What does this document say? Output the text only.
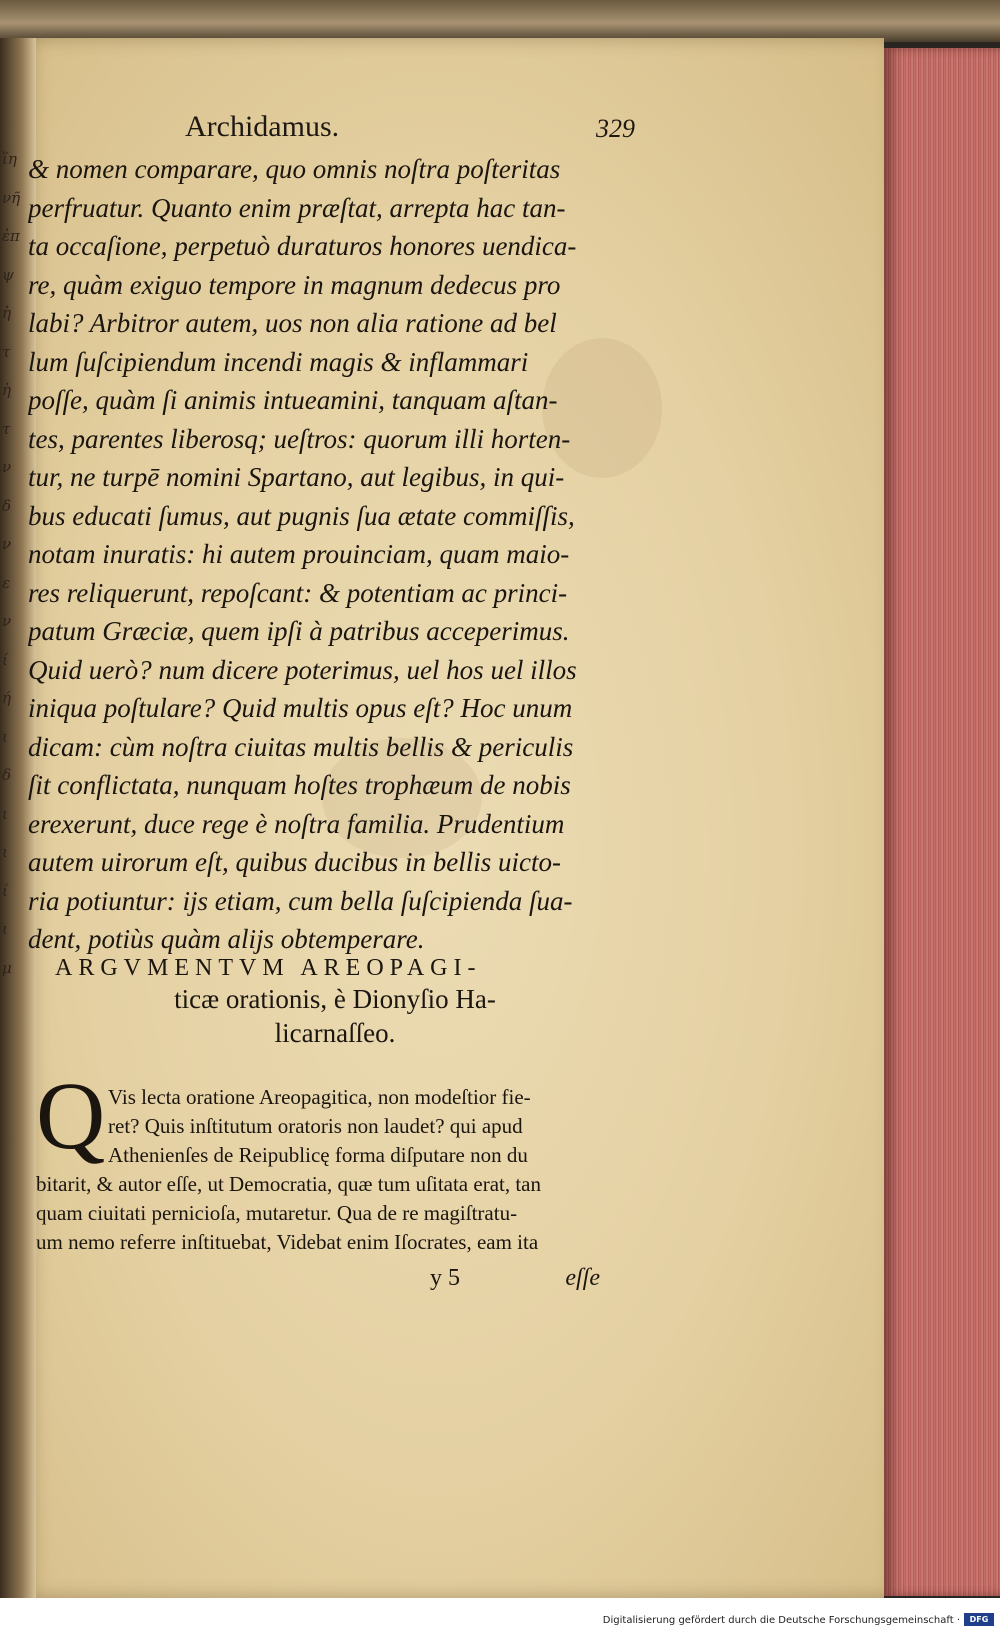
ἵη
νῆ
ἐπ
ψ
ἡ
τ
ἡ
τ
ν
δ
ν
ε
ν
ί
ή
ι
δ
ι
ι
ί
ι
μ
Archidamus.	329
& nomen comparare, quo omnis noſtra poſteritas
perfruatur. Quanto enim præſtat, arrepta hac tan-
ta occaſione, perpetuò duraturos honores uendica-
re, quàm exiguo tempore in magnum dedecus pro
labi? Arbitror autem, uos non alia ratione ad bel
lum ſuſcipiendum incendi magis & inflammari
poſſe, quàm ſi animis intueamini, tanquam aſtan-
tes, parentes liberosq; ueſtros: quorum illi horten-
tur, ne turpē nomini Spartano, aut legibus, in qui-
bus educati ſumus, aut pugnis ſua ætate commiſſis,
notam inuratis: hi autem prouinciam, quam maio-
res reliquerunt, repoſcant: & potentiam ac princi-
patum Græciæ, quem ipſi à patribus acceperimus.
Quid uerò? num dicere poterimus, uel hos uel illos
iniqua poſtulare? Quid multis opus eſt? Hoc unum
dicam: cùm noſtra ciuitas multis bellis & periculis
ſit conflictata, nunquam hoſtes trophæum de nobis
erexerunt, duce rege è noſtra familia. Prudentium
autem uirorum eſt, quibus ducibus in bellis uicto-
ria potiuntur: ijs etiam, cum bella ſuſcipienda ſua-
dent, potiùs quàm alijs obtemperare.
ARGVMENTVM AREOPAGI-
ticæ orationis, è Dionyſio Ha-
licarnaſſeo.
Q Vis lecta oratione Areopagitica, non modeſtior fie-
ret? Quis inſtitutum oratoris non laudet? qui apud
Athenienſes de Reipublicę forma diſputare non du
bitarit, & autor eſſe, ut Democratia, quæ tum uſitata erat, tan
quam ciuitati pernicioſa, mutaretur. Qua de re magiſtratu-
um nemo referre inſtituebat, Videbat enim Iſocrates, eam ita
y 5	eſſe
Digitalisierung gefördert durch die Deutsche Forschungsgemeinschaft ·	DFG
